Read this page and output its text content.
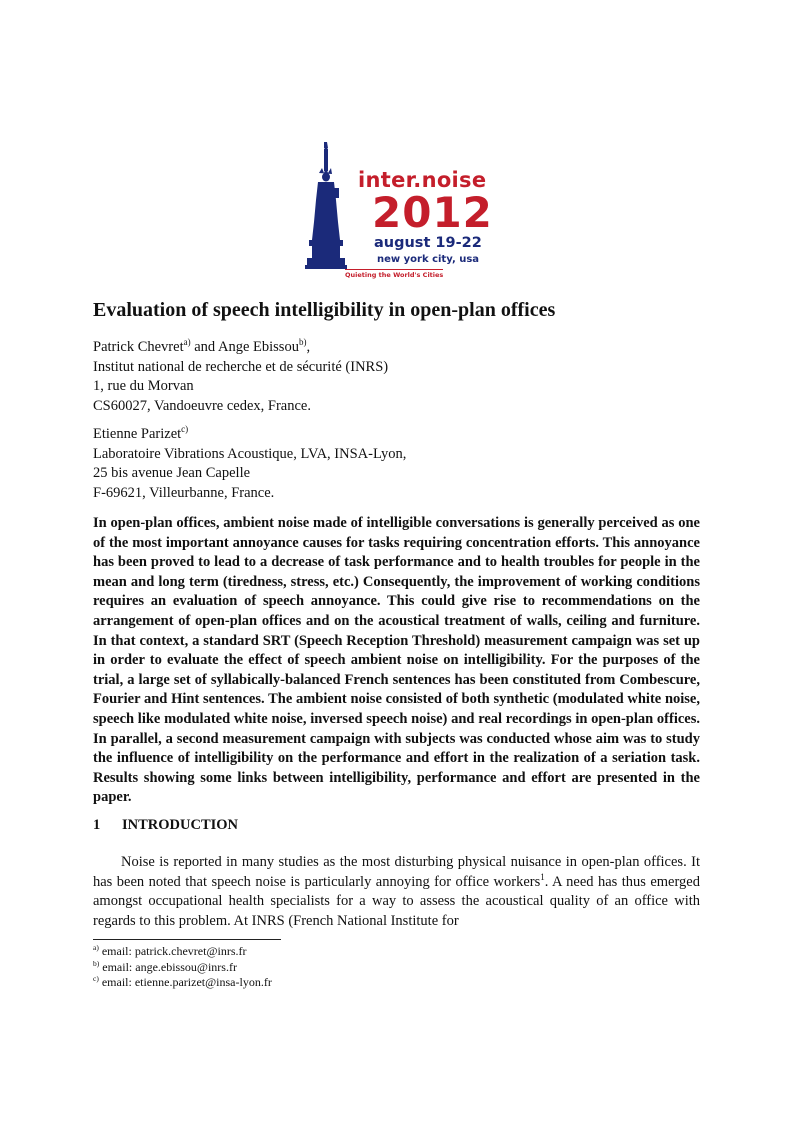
inter.noise
2012
august 19-22
new york city, usa
Quieting the World's Cities
Evaluation of speech intelligibility in open-plan offices
Patrick Chevret$^{a)}$ and Ange Ebissou$^{b)}$,
Institut national de recherche et de sécurité (INRS)
1, rue du Morvan
CS60027, Vandoeuvre cedex, France.
Etienne Parizet$^{c)}$
Laboratoire Vibrations Acoustique, LVA, INSA-Lyon,
25 bis avenue Jean Capelle
F-69621, Villeurbanne, France.

In open-plan offices, ambient noise made of intelligible conversations is generally perceived as one of the most important annoyance causes for tasks requiring concentration efforts. This annoyance has been proved to lead to a decrease of task performance and to health troubles for people in the mean and long term (tiredness, stress, etc.) Consequently, the improvement of working conditions requires an evaluation of speech annoyance. This could give rise to recommendations on the arrangement of open-plan offices and on the acoustical treatment of walls, ceiling and furniture. In that context, a standard SRT (Speech Reception Threshold) measurement campaign was set up in order to evaluate the effect of speech ambient noise on intelligibility. For the purposes of the trial, a large set of syllabically-balanced French sentences has been constituted from Combescure, Fourier and Hint sentences. The ambient noise consisted of both synthetic (modulated white noise, speech like modulated white noise, inversed speech noise) and real recordings in open-plan offices. In parallel, a second measurement campaign with subjects was conducted whose aim was to study the influence of intelligibility on the performance and effort in the realization of a seriation task. Results showing some links between intelligibility, performance and effort are presented in the paper.

1 INTRODUCTION

Noise is reported in many studies as the most disturbing physical nuisance in open-plan offices. It has been noted that speech noise is particularly annoying for office workers$^1$. A need has thus emerged amongst occupational health specialists for a way to assess the acoustical quality of an office with regards to this problem. At INRS (French National Institute for

$^{a)}$ email: patrick.chevret@inrs.fr
$^{b)}$ email: ange.ebissou@inrs.fr
$^{c)}$ email: etienne.parizet@insa-lyon.fr
